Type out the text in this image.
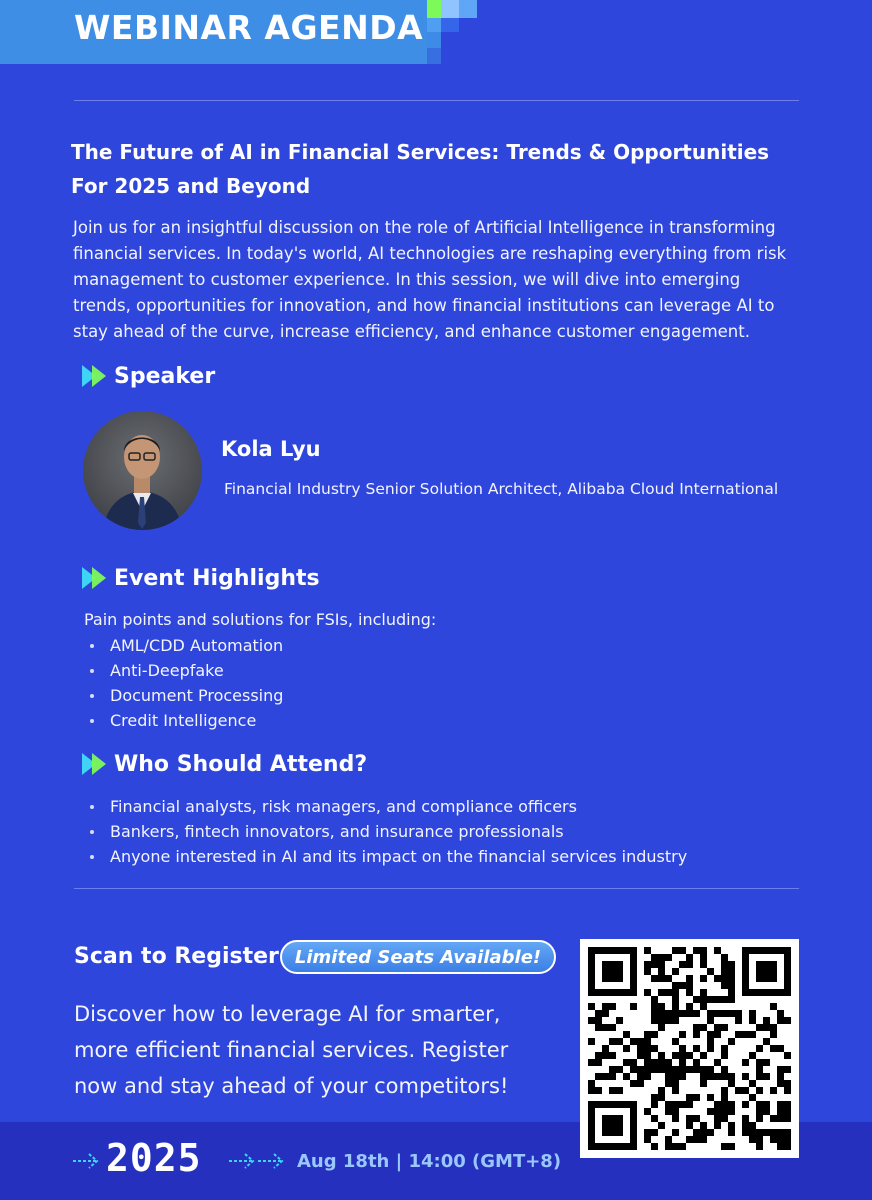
WEBINAR AGENDA
The Future of AI in Financial Services: Trends & Opportunities For 2025 and Beyond
Join us for an insightful discussion on the role of Artificial Intelligence in transforming financial services. In today's world, AI technologies are reshaping everything from risk management to customer experience. In this session, we will dive into emerging trends, opportunities for innovation, and how financial institutions can leverage AI to stay ahead of the curve, increase efficiency, and enhance customer engagement.
Speaker
Kola Lyu
Financial Industry Senior Solution Architect, Alibaba Cloud International
Event Highlights
Pain points and solutions for FSIs, including:
AML/CDD Automation
Anti-Deepfake
Document Processing
Credit Intelligence
Who Should Attend?
Financial analysts, risk managers, and compliance officers
Bankers, fintech innovators, and insurance professionals
Anyone interested in AI and its impact on the financial services industry
Scan to Register Limited Seats Available!
Discover how to leverage AI for smarter, more efficient financial services. Register now and stay ahead of your competitors!
2025	Aug 18th | 14:00 (GMT+8)
